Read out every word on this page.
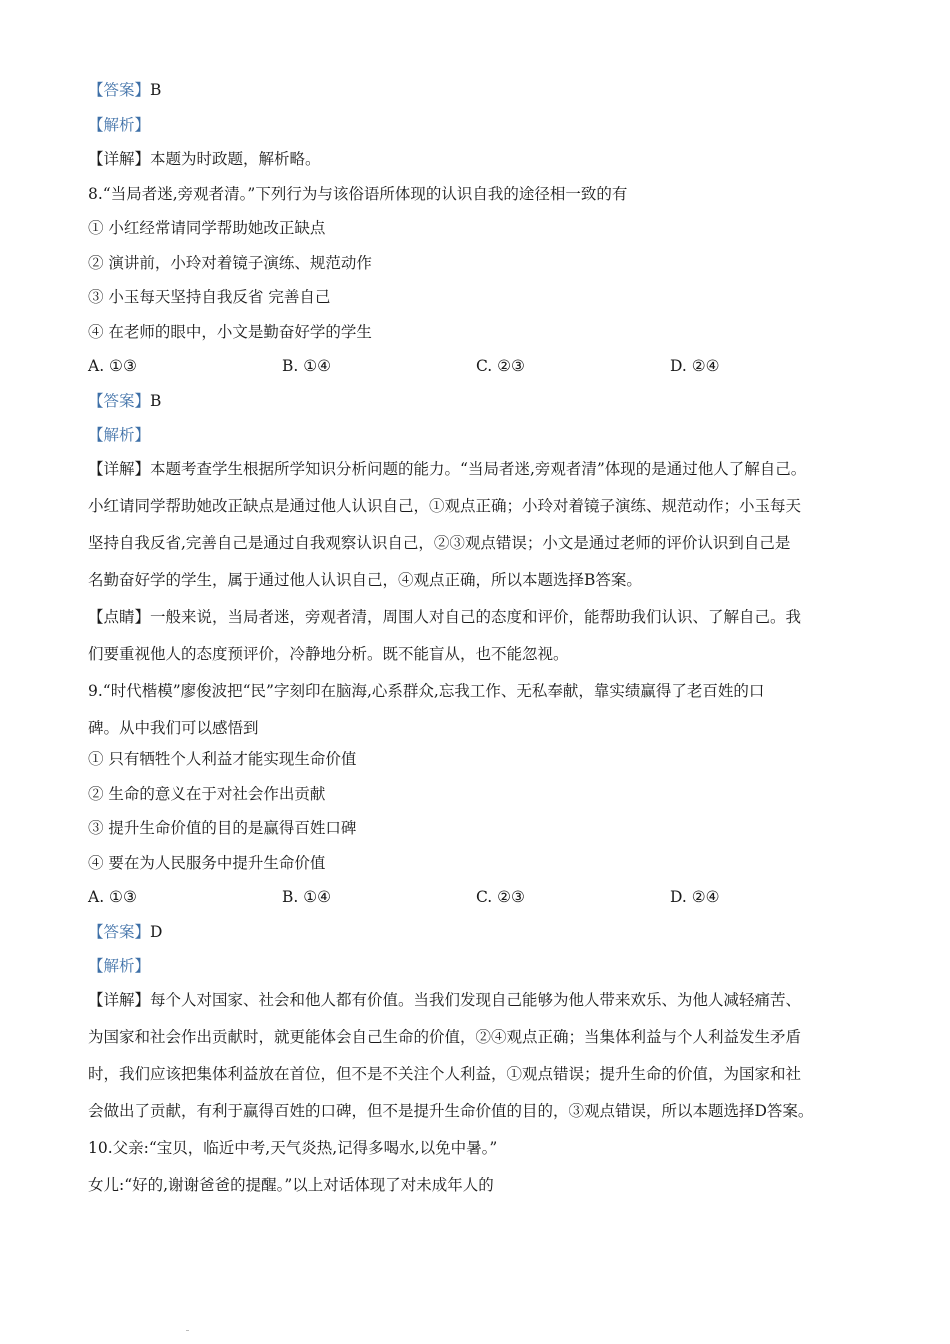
【答案】B
【解析】
【详解】本题为时政题，解析略。
8.“当局者迷,旁观者清。”下列行为与该俗语所体现的认识自我的途径相一致的有
① 小红经常请同学帮助她改正缺点
② 演讲前，小玲对着镜子演练、规范动作
③ 小玉每天坚持自我反省 完善自己
④ 在老师的眼中，小文是勤奋好学的学生
A. ①③	B. ①④	C. ②③	D. ②④
【答案】B
【解析】
【详解】本题考查学生根据所学知识分析问题的能力。“当局者迷,旁观者清”体现的是通过他人了解自己。
小红请同学帮助她改正缺点是通过他人认识自己，①观点正确；小玲对着镜子演练、规范动作；小玉每天
坚持自我反省,完善自己是通过自我观察认识自己，②③观点错误；小文是通过老师的评价认识到自己是
名勤奋好学的学生，属于通过他人认识自己，④观点正确，所以本题选择B答案。
【点睛】一般来说，当局者迷，旁观者清，周围人对自己的态度和评价，能帮助我们认识、了解自己。我
们要重视他人的态度预评价，冷静地分析。既不能盲从，也不能忽视。
9.“时代楷模”廖俊波把“民”字刻印在脑海,心系群众,忘我工作、无私奉献，靠实绩赢得了老百姓的口
碑。从中我们可以感悟到
① 只有牺牲个人利益才能实现生命价值
② 生命的意义在于对社会作出贡献
③ 提升生命价值的目的是赢得百姓口碑
④ 要在为人民服务中提升生命价值
A. ①③	B. ①④	C. ②③	D. ②④
【答案】D
【解析】
【详解】每个人对国家、社会和他人都有价值。当我们发现自己能够为他人带来欢乐、为他人减轻痛苦、
为国家和社会作出贡献时，就更能体会自己生命的价值，②④观点正确；当集体利益与个人利益发生矛盾
时，我们应该把集体利益放在首位，但不是不关注个人利益，①观点错误；提升生命的价值，为国家和社
会做出了贡献，有利于赢得百姓的口碑，但不是提升生命价值的目的，③观点错误，所以本题选择D答案。
10.父亲:“宝贝，临近中考,天气炎热,记得多喝水,以免中暑。”
女儿:“好的,谢谢爸爸的提醒。”以上对话体现了对未成年人的
